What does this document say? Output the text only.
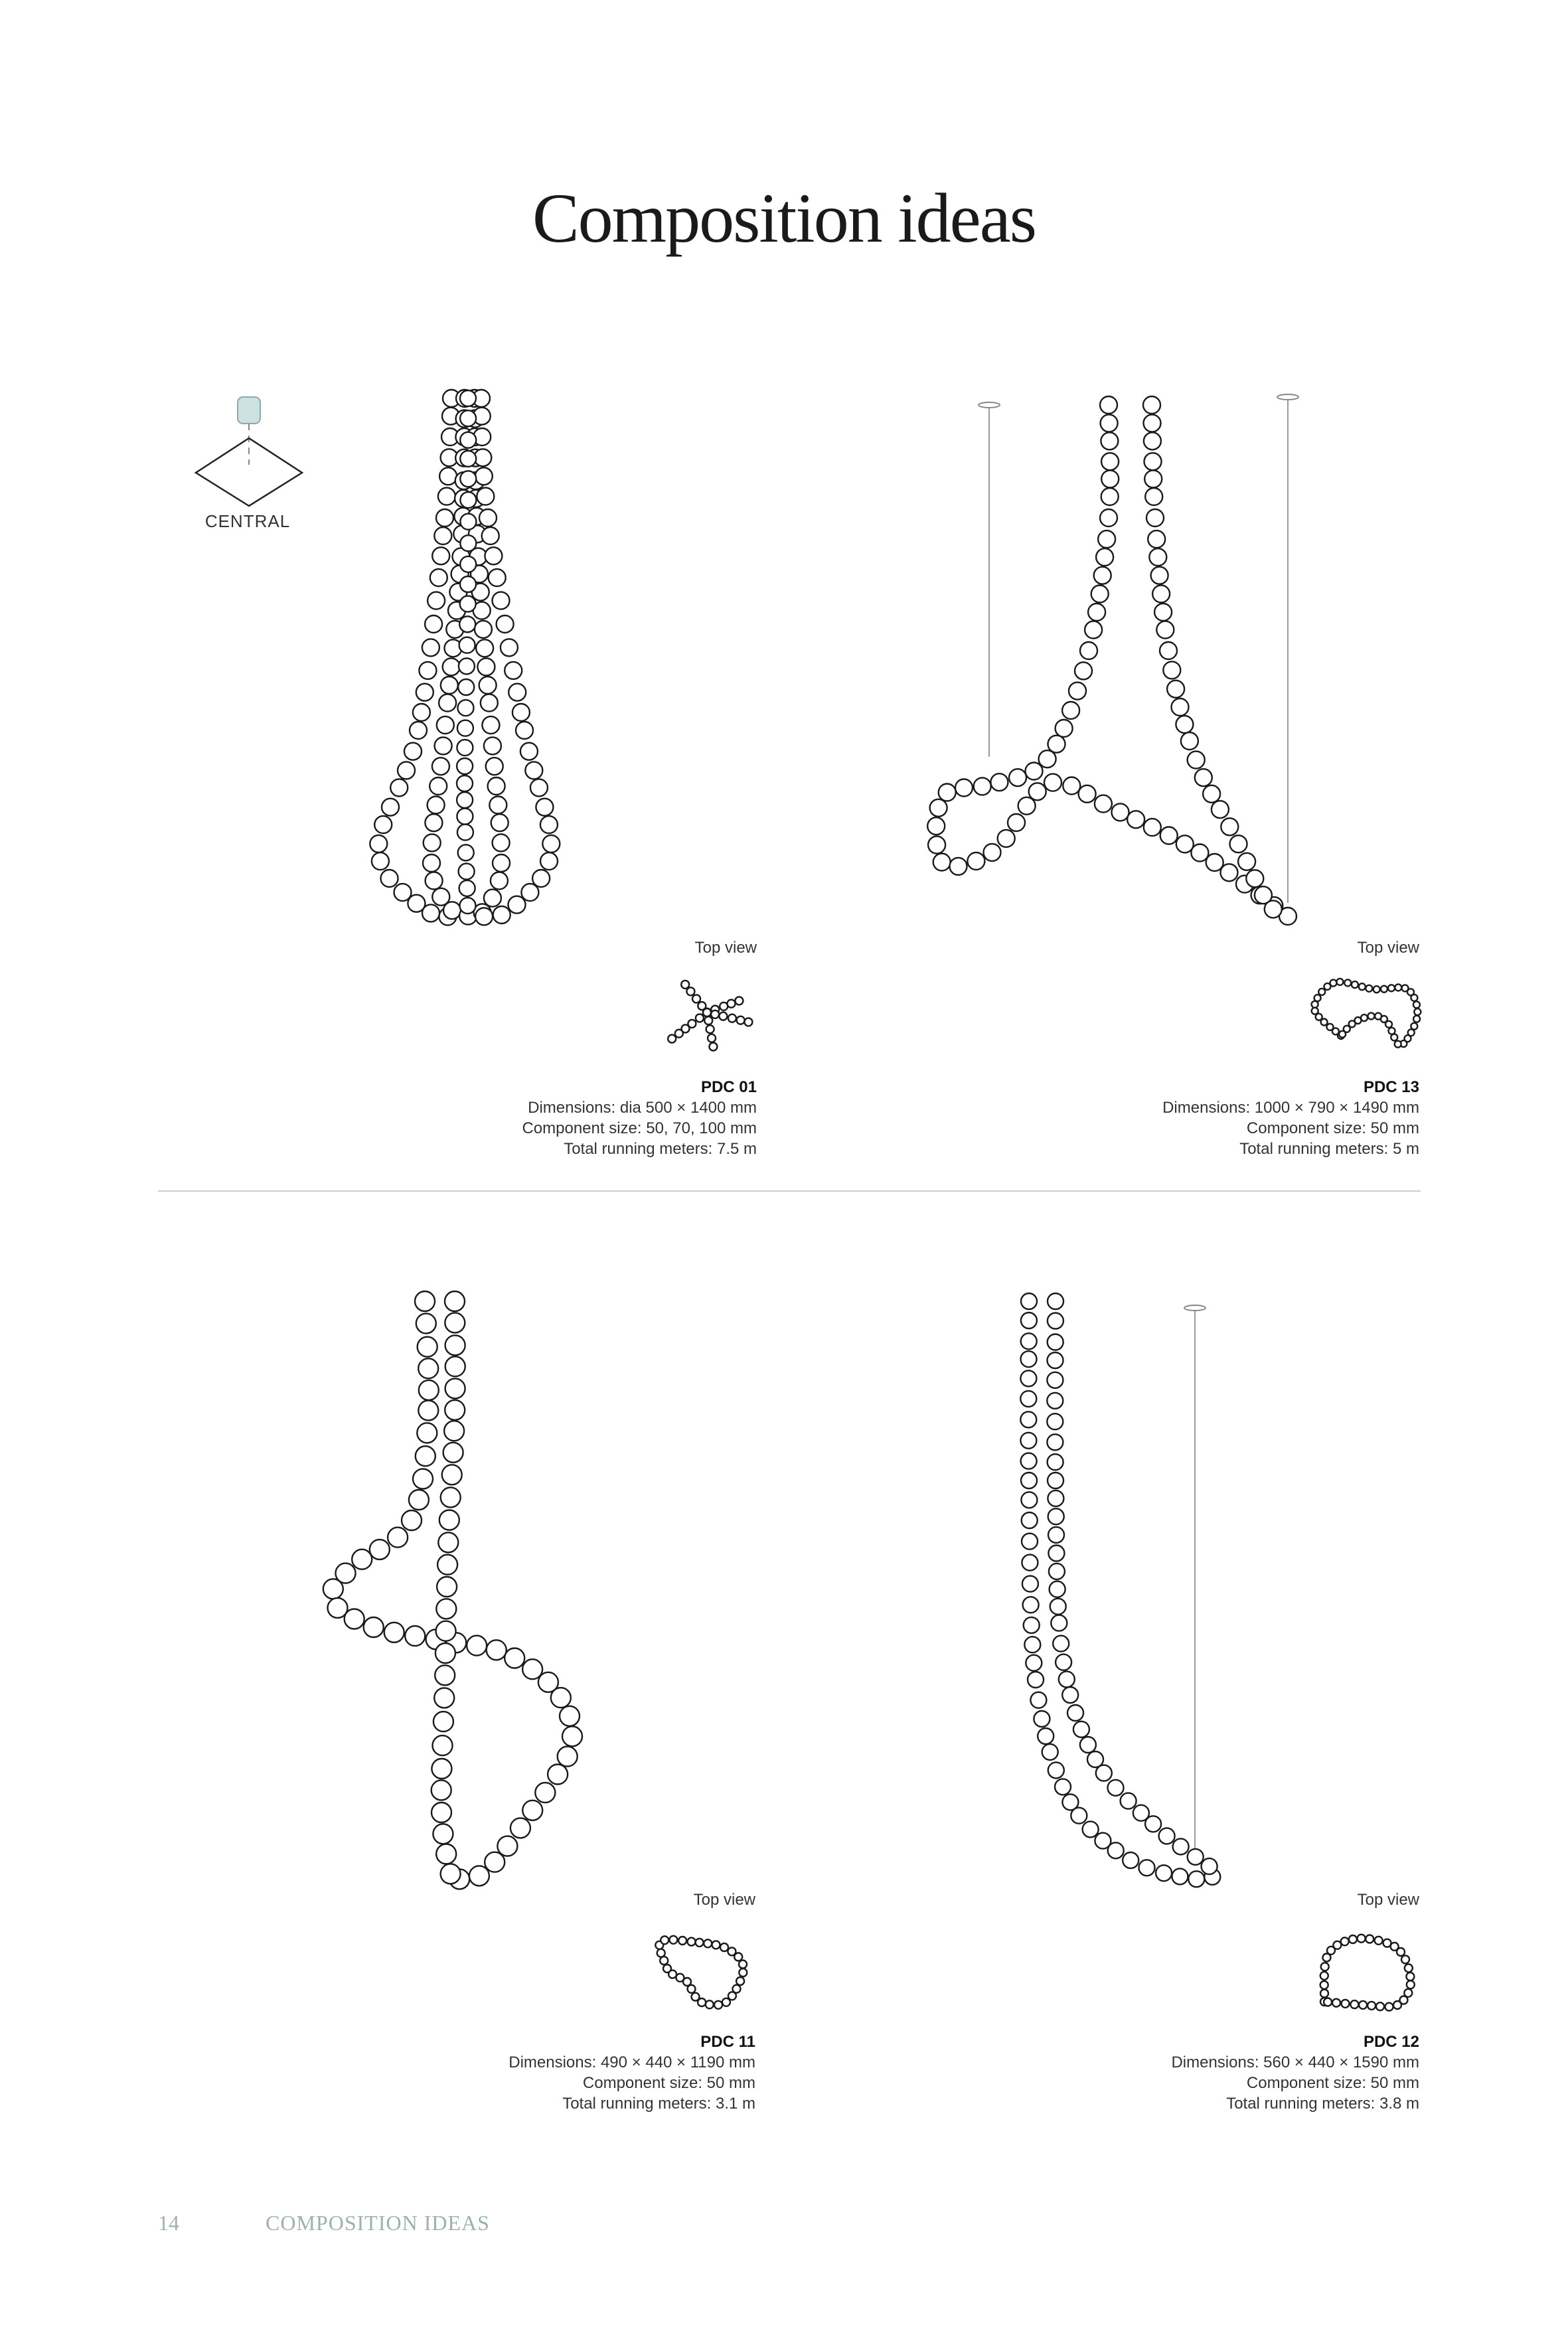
Composition ideas
CENTRAL
Top view
PDC 01
Dimensions: dia 500 × 1400 mm
Component size: 50, 70, 100 mm
Total running meters: 7.5 m
Top view
PDC 13
Dimensions: 1000 × 790 × 1490 mm
Component size: 50 mm
Total running meters: 5 m
Top view
PDC 11
Dimensions: 490 × 440 × 1190 mm
Component size: 50 mm
Total running meters: 3.1 m
Top view
PDC 12
Dimensions: 560 × 440 × 1590 mm
Component size: 50 mm
Total running meters: 3.8 m
14	COMPOSITION IDEAS
